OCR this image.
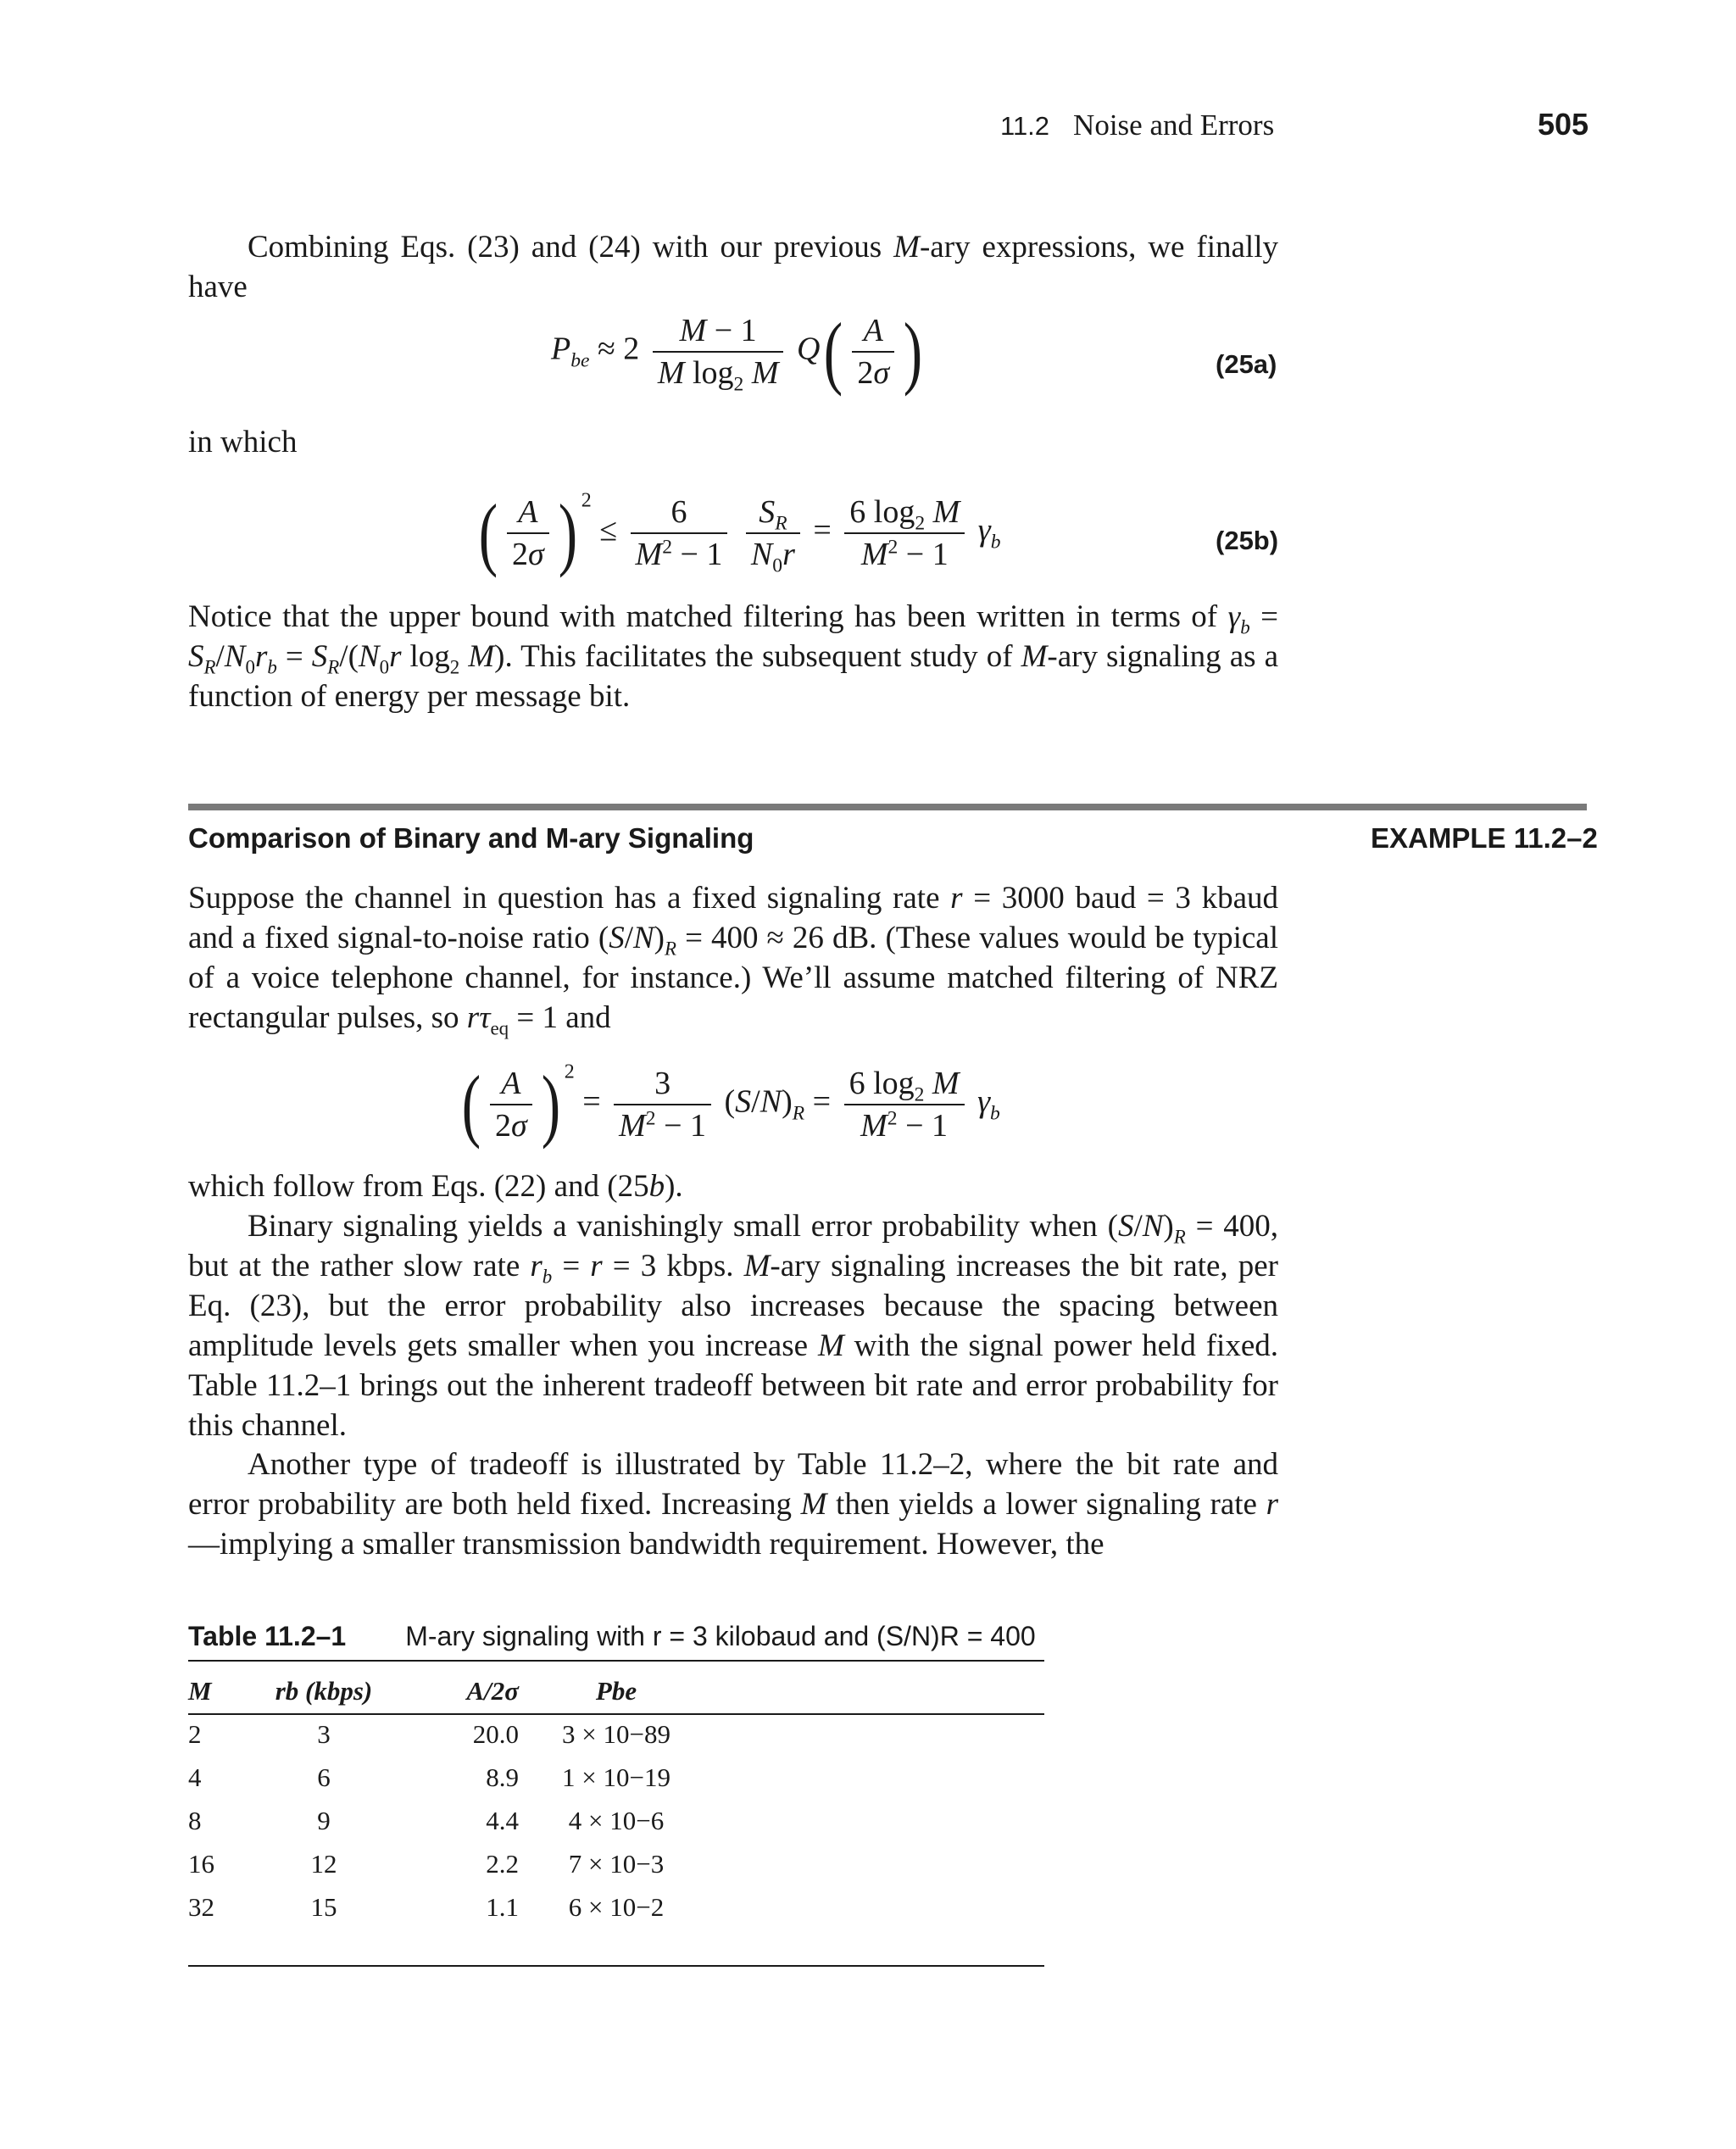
11.2 Noise and Errors	505
Combining Eqs. (23) and (24) with our previous M-ary expressions, we finally have
$P_{be} \approx 2 \frac{M - 1}{M \log_2 M} Q( \frac{A}{2\sigma}$ )	(25a)
in which
( $\frac{A}{2\sigma}$ ) $^2 \le \frac{6}{M^2 - 1}$
$\frac{S_R}{N_0r} = \frac{6 \log_2 M}{M^2 - 1} \gamma_b$	(25b)
Notice that the upper bound with matched filtering has been written in terms of $\gamma_b = S_R/N_0r_b = S_R/(N_0r$ $\log_2 M$). This facilitates the subsequent study of M-ary signaling as a function of energy per message bit.
Comparison of Binary and M-ary Signaling	EXAMPLE 11.2–2
Suppose the channel in question has a fixed signaling rate r = 3000 baud = 3 kbaud and a fixed signal-to-noise ratio $(S/N)_R = 400 \approx 26$ dB. (These values would be typical of a voice telephone channel, for instance.) We’ll assume matched filtering of NRZ rectangular pulses, so $r\tau_{eq} = 1$ and
( $\frac{A}{2\sigma}$ ) $^2 = \frac{3}{M^2 - 1} (S/N)_R = \frac{6 \log_2 M}{M^2 - 1} \gamma_b$
which follow from Eqs. (22) and (25b).
Binary signaling yields a vanishingly small error probability when $(S/N)_R = 400$, but at the rather slow rate $r_b = r = 3$ kbps. M-ary signaling increases the bit rate, per Eq. (23), but the error probability also increases because the spacing between amplitude levels gets smaller when you increase M with the signal power held fixed. Table 11.2–1 brings out the inherent tradeoff between bit rate and error probability for this channel.
Another type of tradeoff is illustrated by Table 11.2–2, where the bit rate and error probability are both held fixed. Increasing M then yields a lower signaling rate r—implying a smaller transmission bandwidth requirement. However, the
Table 11.2–1 M-ary signaling with r = 3 kilobaud and (S/N)R = 400
M	rb (kbps)	A/2σ	Pbe	
2	3	20.0	3 × 10−89	
4	6	8.9	1 × 10−19	
8	9	4.4	4 × 10−6	
16	12	2.2	7 × 10−3	
32	15	1.1	6 × 10−2	
